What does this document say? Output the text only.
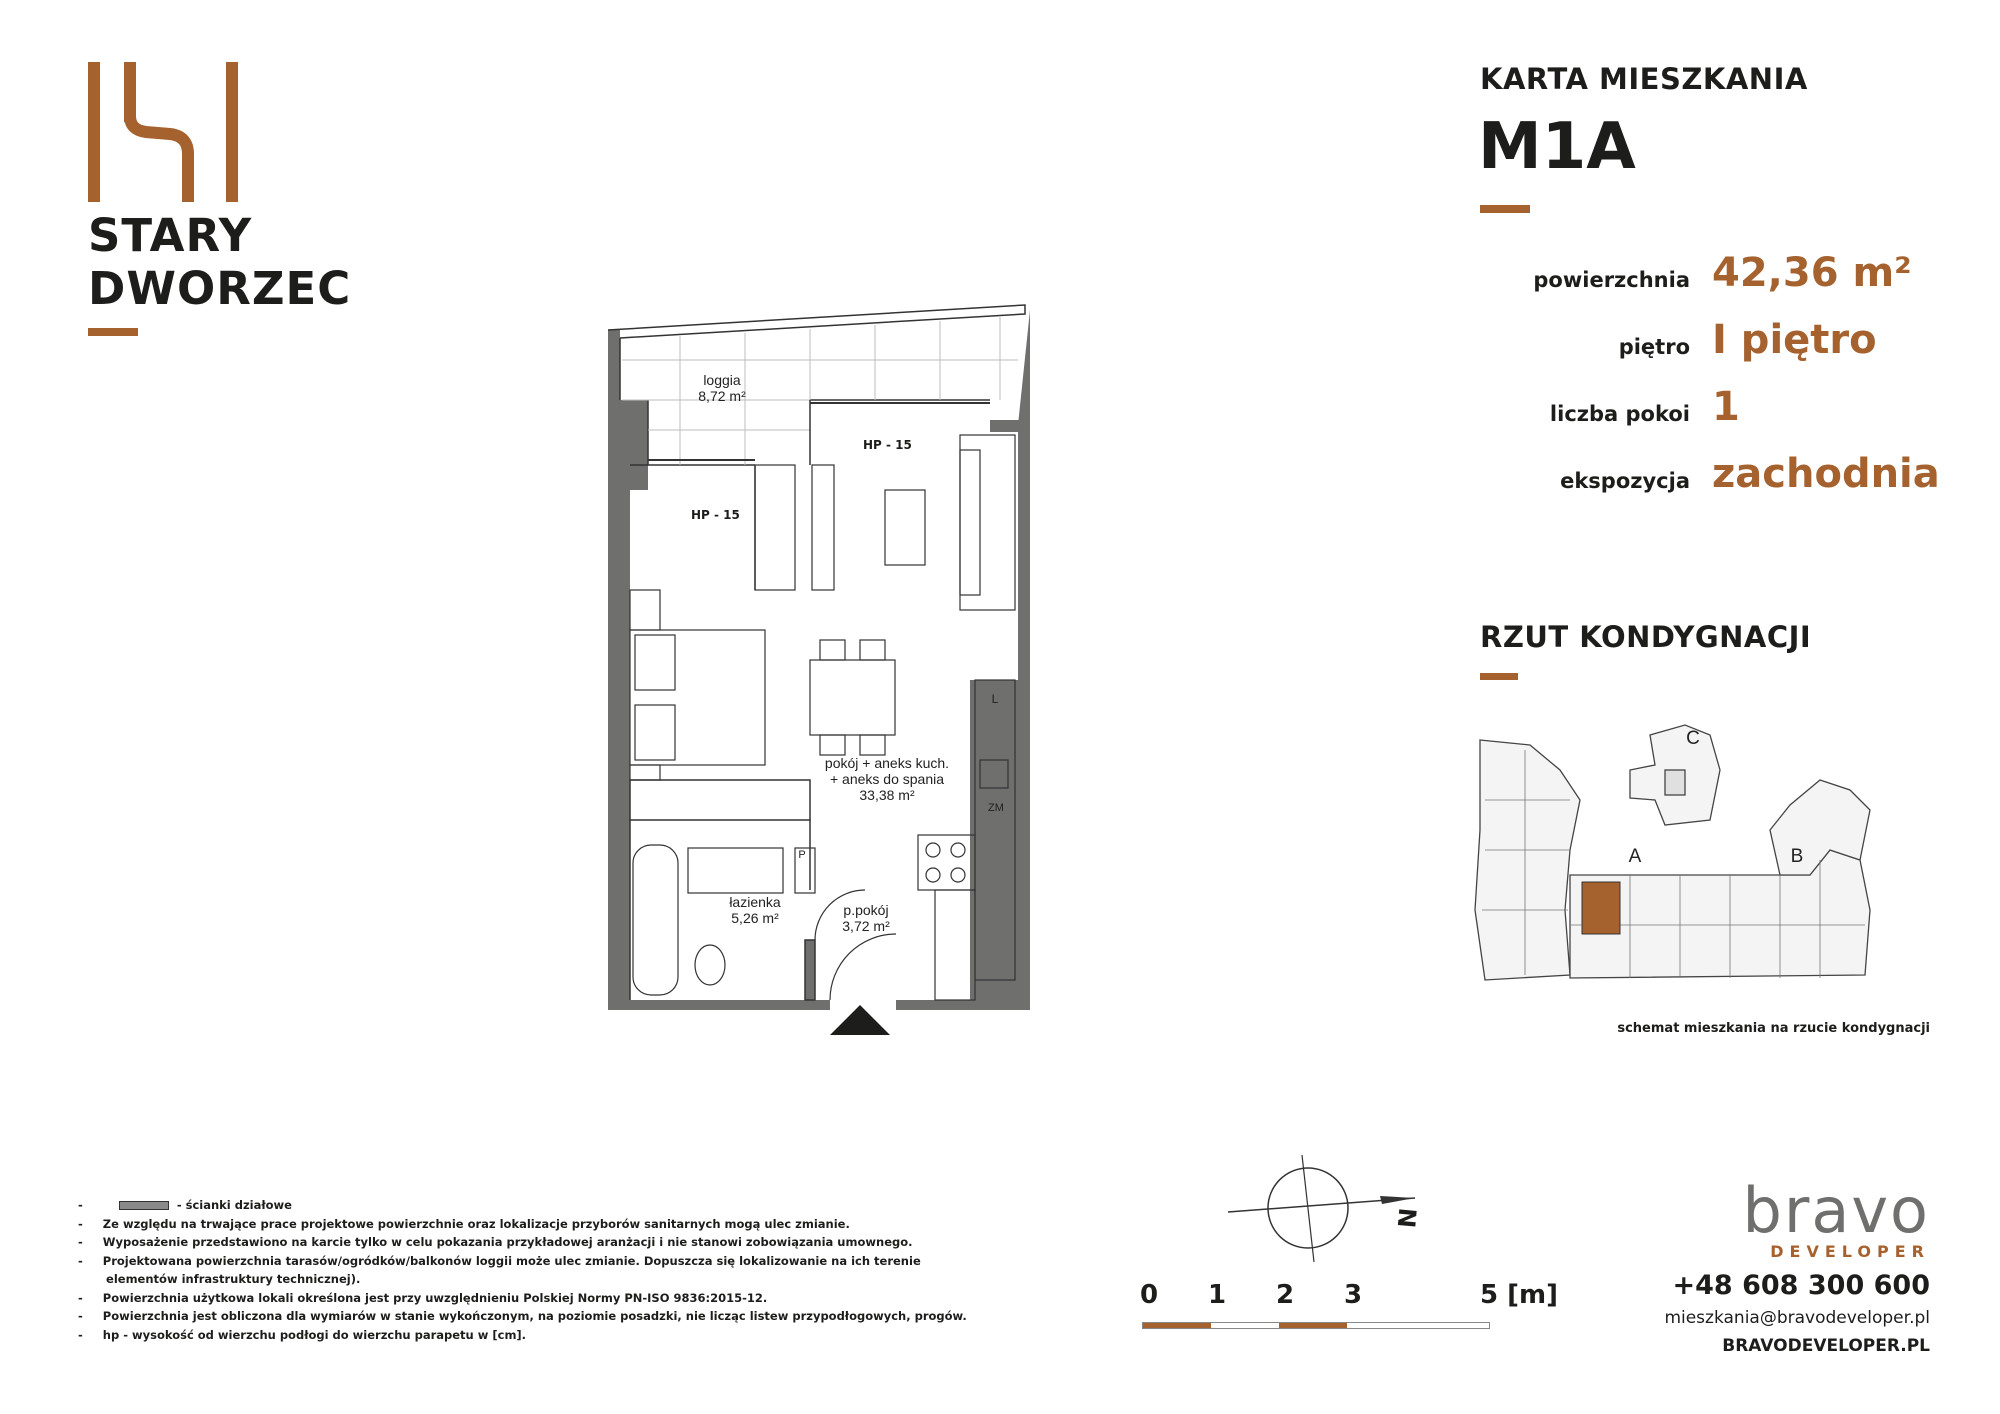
STARY
DWORZEC
KARTA MIESZKANIA
M1A
powierzchnia 42,36 m²
piętro I piętro
liczba pokoi 1
ekspozycja zachodnia
RZUT KONDYGNACJI
loggia
8,72 m²
HP - 15
HP - 15
pokój + aneks kuch.
+ aneks do spania
33,38 m²
łazienka
5,26 m²	p.pokój
3,72 m²
L
ZM
P	A	B
C
schemat mieszkania na rzucie kondygnacji
N
0 1 2 3	5 [m]
-	- ścianki działowe
-     Ze względu na trwające prace projektowe powierzchnie oraz lokalizacje przyborów sanitarnych mogą ulec zmianie.
-     Wyposażenie przedstawiono na karcie tylko w celu pokazania przykładowej aranżacji i nie stanowi zobowiązania umownego.
-     Projektowana powierzchnia tarasów/ogródków/balkonów loggii może ulec zmianie. Dopuszcza się lokalizowanie na ich terenie
elementów infrastruktury technicznej).
-     Powierzchnia użytkowa lokali określona jest przy uwzględnieniu Polskiej Normy PN-ISO 9836:2015-12.
-     Powierzchnia jest obliczona dla wymiarów w stanie wykończonym, na poziomie posadzki, nie licząc listew przypodłogowych, progów.
-     hp - wysokość od wierzchu podłogi do wierzchu parapetu w [cm].
bravo
DEVELOPER
+48 608 300 600
mieszkania@bravodeveloper.pl
BRAVODEVELOPER.PL
